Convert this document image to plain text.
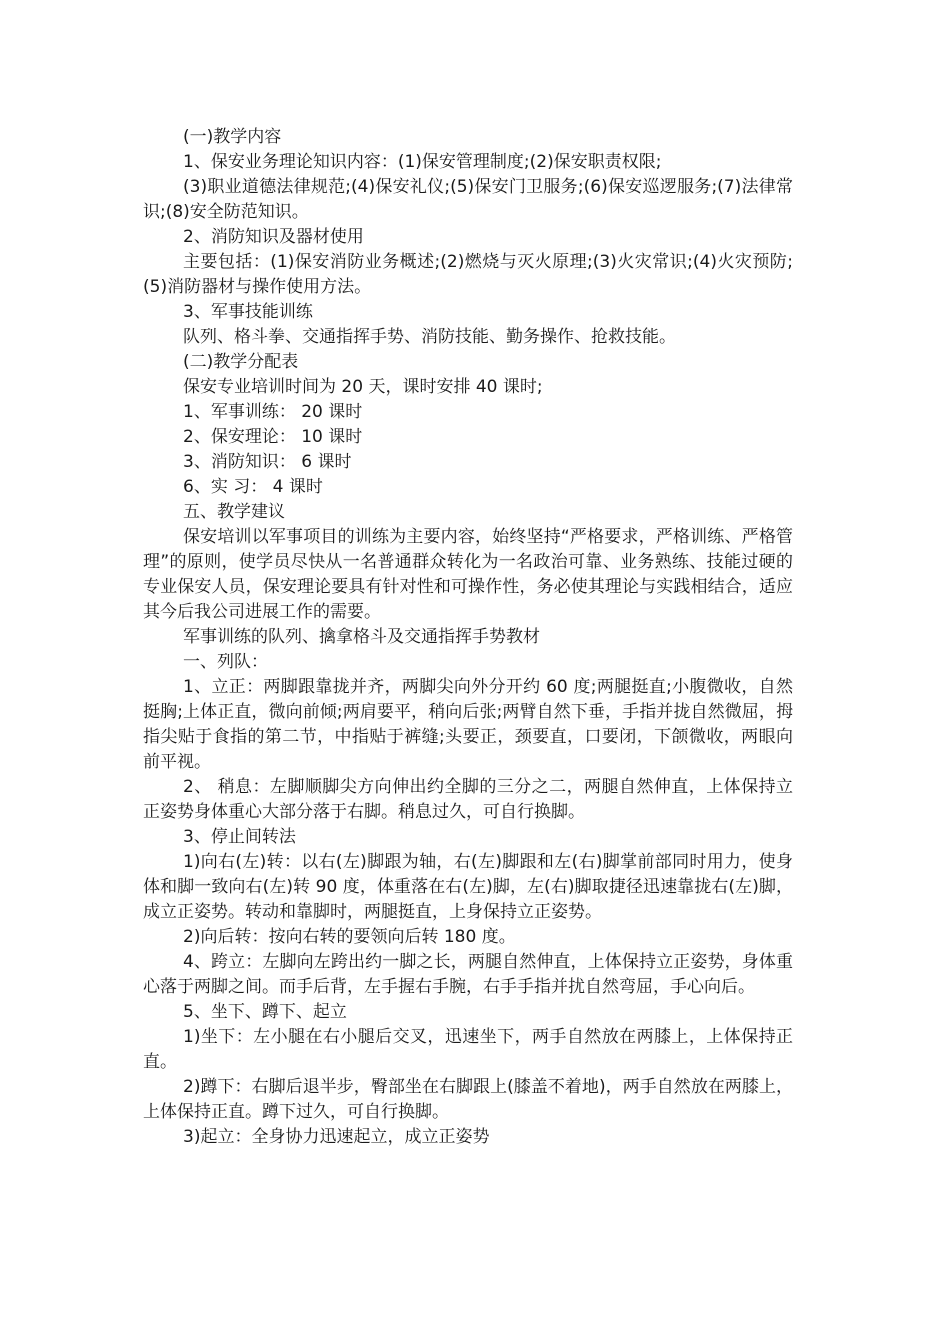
(一)教学内容

1、保安业务理论知识内容：(1)保安管理制度;(2)保安职责权限;

(3)职业道德法律规范;(4)保安礼仪;(5)保安门卫服务;(6)保安巡逻服务;(7)法律常识;(8)安全防范知识。

2、消防知识及器材使用

主要包括：(1)保安消防业务概述;(2)燃烧与灭火原理;(3)火灾常识;(4)火灾预防;(5)消防器材与操作使用方法。

3、军事技能训练

队列、格斗拳、交通指挥手势、消防技能、勤务操作、抢救技能。

(二)教学分配表

保安专业培训时间为 20 天，课时安排 40 课时;

1、军事训练： 20 课时

2、保安理论： 10 课时

3、消防知识： 6 课时

6、实 习： 4 课时

五、教学建议

保安培训以军事项目的训练为主要内容，始终坚持“严格要求，严格训练、严格管理”的原则，使学员尽快从一名普通群众转化为一名政治可靠、业务熟练、技能过硬的专业保安人员，保安理论要具有针对性和可操作性，务必使其理论与实践相结合，适应其今后我公司进展工作的需要。

军事训练的队列、擒拿格斗及交通指挥手势教材

一、列队：

1、立正：两脚跟靠拢并齐，两脚尖向外分开约 60 度;两腿挺直;小腹微收，自然挺胸;上体正直，微向前倾;两肩要平，稍向后张;两臂自然下垂，手指并拢自然微屈，拇指尖贴于食指的第二节，中指贴于裤缝;头要正，颈要直，口要闭，下颌微收，两眼向前平视。

2、 稍息：左脚顺脚尖方向伸出约全脚的三分之二，两腿自然伸直，上体保持立正姿势身体重心大部分落于右脚。稍息过久，可自行换脚。

3、停止间转法

1)向右(左)转：以右(左)脚跟为轴，右(左)脚跟和左(右)脚掌前部同时用力，使身体和脚一致向右(左)转 90 度，体重落在右(左)脚，左(右)脚取捷径迅速靠拢右(左)脚，成立正姿势。转动和靠脚时，两腿挺直，上身保持立正姿势。

2)向后转：按向右转的要领向后转 180 度。

4、跨立：左脚向左跨出约一脚之长，两腿自然伸直，上体保持立正姿势，身体重心落于两脚之间。而手后背，左手握右手腕，右手手指并扰自然弯屈，手心向后。

5、坐下、蹲下、起立

1)坐下：左小腿在右小腿后交叉，迅速坐下，两手自然放在两膝上，上体保持正直。

2)蹲下：右脚后退半步，臀部坐在右脚跟上(膝盖不着地)，两手自然放在两膝上，上体保持正直。蹲下过久，可自行换脚。

3)起立：全身协力迅速起立，成立正姿势
